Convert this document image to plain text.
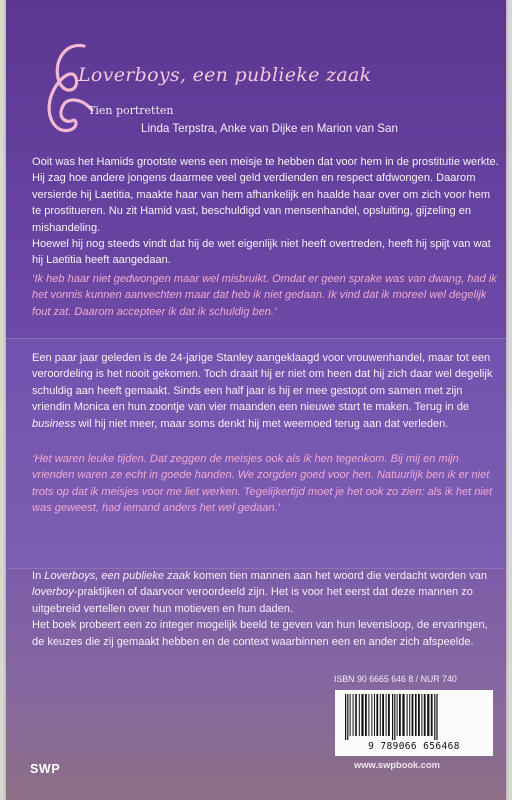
Loverboys, een publieke zaak
Tien portretten
Linda Terpstra, Anke van Dijke en Marion van San

Ooit was het Hamids grootste wens een meisje te hebben dat voor hem in de prostitutie werkte. Hij zag hoe andere jongens daarmee veel geld verdienden en respect afdwongen. Daarom versierde hij Laetitia, maakte haar van hem afhankelijk en haalde haar over om zich voor hem te prostitueren. Nu zit Hamid vast, beschuldigd van mensenhandel, opsluiting, gijzeling en mishandeling.
Hoewel hij nog steeds vindt dat hij de wet eigenlijk niet heeft overtreden, heeft hij spijt van wat hij Laetitia heeft aangedaan.

‘Ik heb haar niet gedwongen maar wel misbruikt. Omdat er geen sprake was van dwang, had ik het vonnis kunnen aanvechten maar dat heb ik niet gedaan. Ik vind dat ik moreel wel degelijk fout zat. Daarom accepteer ik dat ik schuldig ben.’

Een paar jaar geleden is de 24-jarige Stanley aangeklaagd voor vrouwenhandel, maar tot een veroordeling is het nooit gekomen. Toch draait hij er niet om heen dat hij zich daar wel degelijk schuldig aan heeft gemaakt. Sinds een half jaar is hij er mee gestopt om samen met zijn vriendin Monica en hun zoontje van vier maanden een nieuwe start te maken. Terug in de business wil hij niet meer, maar soms denkt hij met weemoed terug aan dat verleden.

‘Het waren leuke tijden. Dat zeggen de meisjes ook als ik hen tegenkom. Bij mij en mijn vrienden waren ze echt in goede handen. We zorgden goed voor hen. Natuurlijk ben ik er niet trots op dat ik meisjes voor me liet werken. Tegelijkertijd moet je het ook zo zien: als ik het niet was geweest, had iemand anders het wel gedaan.’

In Loverboys, een publieke zaak komen tien mannen aan het woord die verdacht worden van loverboy-praktijken of daarvoor veroordeeld zijn. Het is voor het eerst dat deze mannen zo uitgebreid vertellen over hun motieven en hun daden.
Het boek probeert een zo integer mogelijk beeld te geven van hun levensloop, de ervaringen, de keuzes die zij gemaakt hebben en de context waarbinnen een en ander zich afspeelde.

ISBN 90 6665 646 8 / NUR 740
9 789066 656468
www.swpbook.com
SWP
